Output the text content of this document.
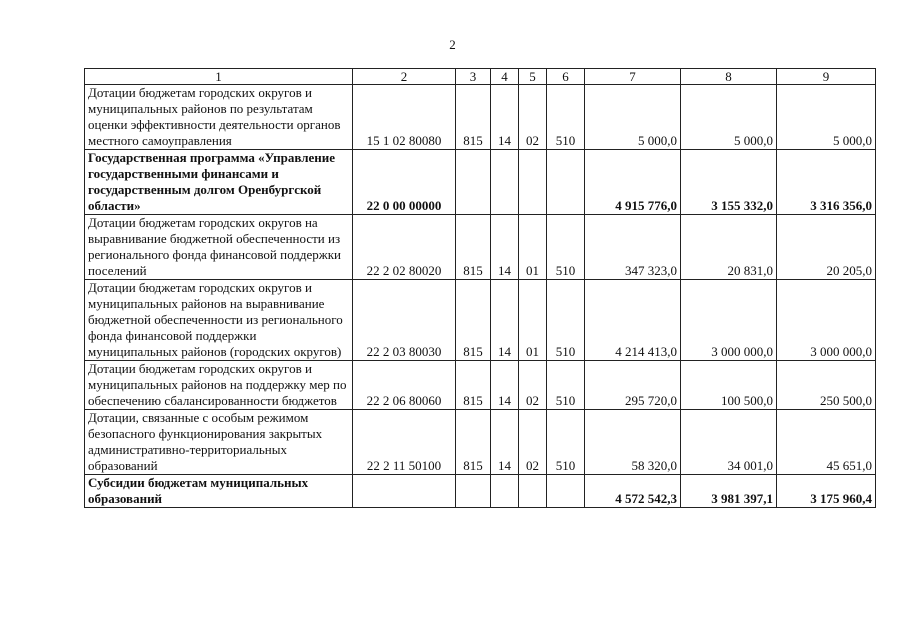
2
1	2	3	4	5	6	7	8	9
Дотации бюджетам городских округов и муниципальных районов по результатам оценки эффективности деятельности органов местного самоуправления	15 1 02 80080	815	14	02	510	5 000,0	5 000,0	5 000,0
Государственная программа «Управление государственными финансами и государственным долгом Оренбургской области»	22 0 00 00000					4 915 776,0	3 155 332,0	3 316 356,0
Дотации бюджетам городских округов на выравнивание бюджетной обеспеченности из регионального фонда финансовой поддержки поселений	22 2 02 80020	815	14	01	510	347 323,0	20 831,0	20 205,0
Дотации бюджетам городских округов и муниципальных районов на выравнивание бюджетной обеспеченности из регионального фонда финансовой поддержки муниципальных районов (городских округов)	22 2 03 80030	815	14	01	510	4 214 413,0	3 000 000,0	3 000 000,0
Дотации бюджетам городских округов и муниципальных районов на поддержку мер по обеспечению сбалансированности бюджетов	22 2 06 80060	815	14	02	510	295 720,0	100 500,0	250 500,0
Дотации, связанные с особым режимом безопасного функционирования закрытых административно-территориальных образований	22 2 11 50100	815	14	02	510	58 320,0	34 001,0	45 651,0
Субсидии бюджетам муниципальных образований						4 572 542,3	3 981 397,1	3 175 960,4
